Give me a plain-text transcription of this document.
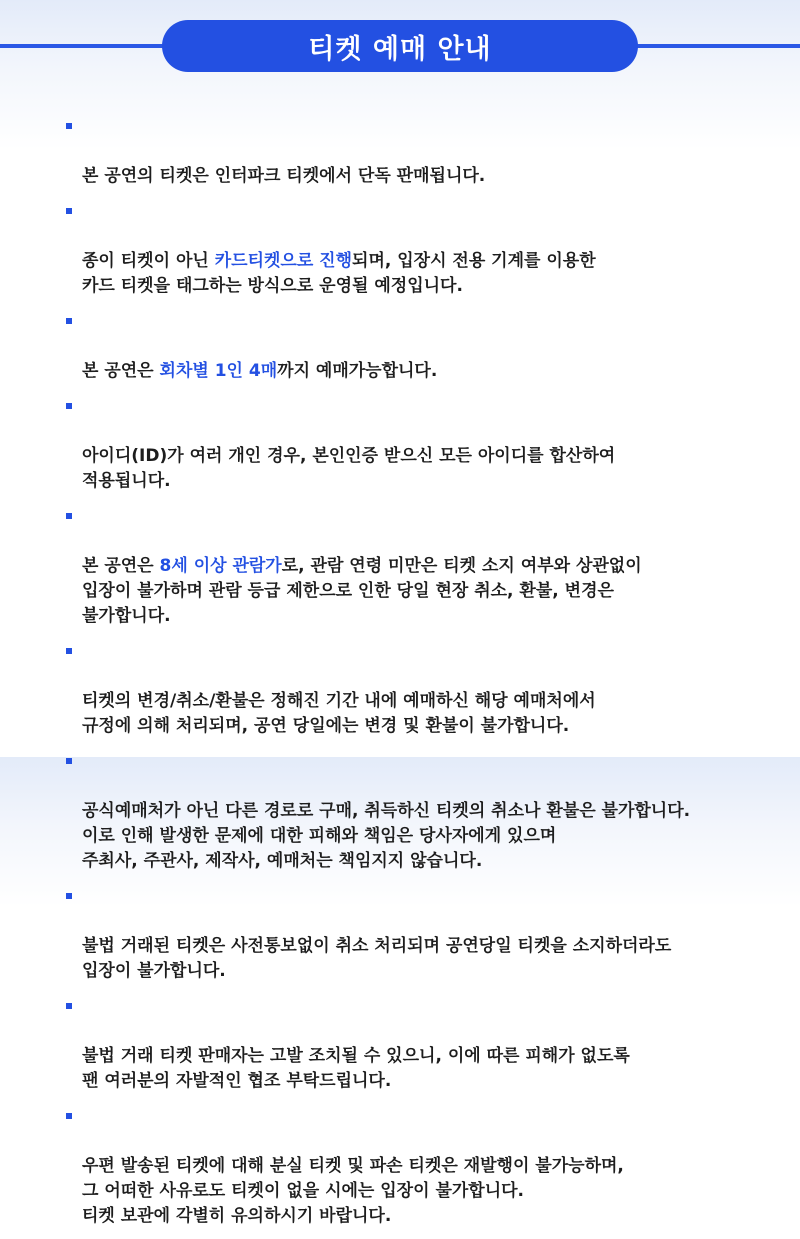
티켓 예매 안내

본 공연의 티켓은 인터파크 티켓에서 단독 판매됩니다.

종이 티켓이 아닌 카드티켓으로 진행되며, 입장시 전용 기계를 이용한
카드 티켓을 태그하는 방식으로 운영될 예정입니다.

본 공연은 회차별 1인 4매까지 예매가능합니다.

아이디(ID)가 여러 개인 경우, 본인인증 받으신 모든 아이디를 합산하여
적용됩니다.

본 공연은 8세 이상 관람가로, 관람 연령 미만은 티켓 소지 여부와 상관없이
입장이 불가하며 관람 등급 제한으로 인한 당일 현장 취소, 환불, 변경은
불가합니다.

티켓의 변경/취소/환불은 정해진 기간 내에 예매하신 해당 예매처에서
규정에 의해 처리되며, 공연 당일에는 변경 및 환불이 불가합니다.

공식예매처가 아닌 다른 경로로 구매, 취득하신 티켓의 취소나 환불은 불가합니다.
이로 인해 발생한 문제에 대한 피해와 책임은 당사자에게 있으며
주최사, 주관사, 제작사, 예매처는 책임지지 않습니다.

불법 거래된 티켓은 사전통보없이 취소 처리되며 공연당일 티켓을 소지하더라도
입장이 불가합니다.

불법 거래 티켓 판매자는 고발 조치될 수 있으니, 이에 따른 피해가 없도록
팬 여러분의 자발적인 협조 부탁드립니다.

우편 발송된 티켓에 대해 분실 티켓 및 파손 티켓은 재발행이 불가능하며,
그 어떠한 사유로도 티켓이 없을 시에는 입장이 불가합니다.
티켓 보관에 각별히 유의하시기 바랍니다.
